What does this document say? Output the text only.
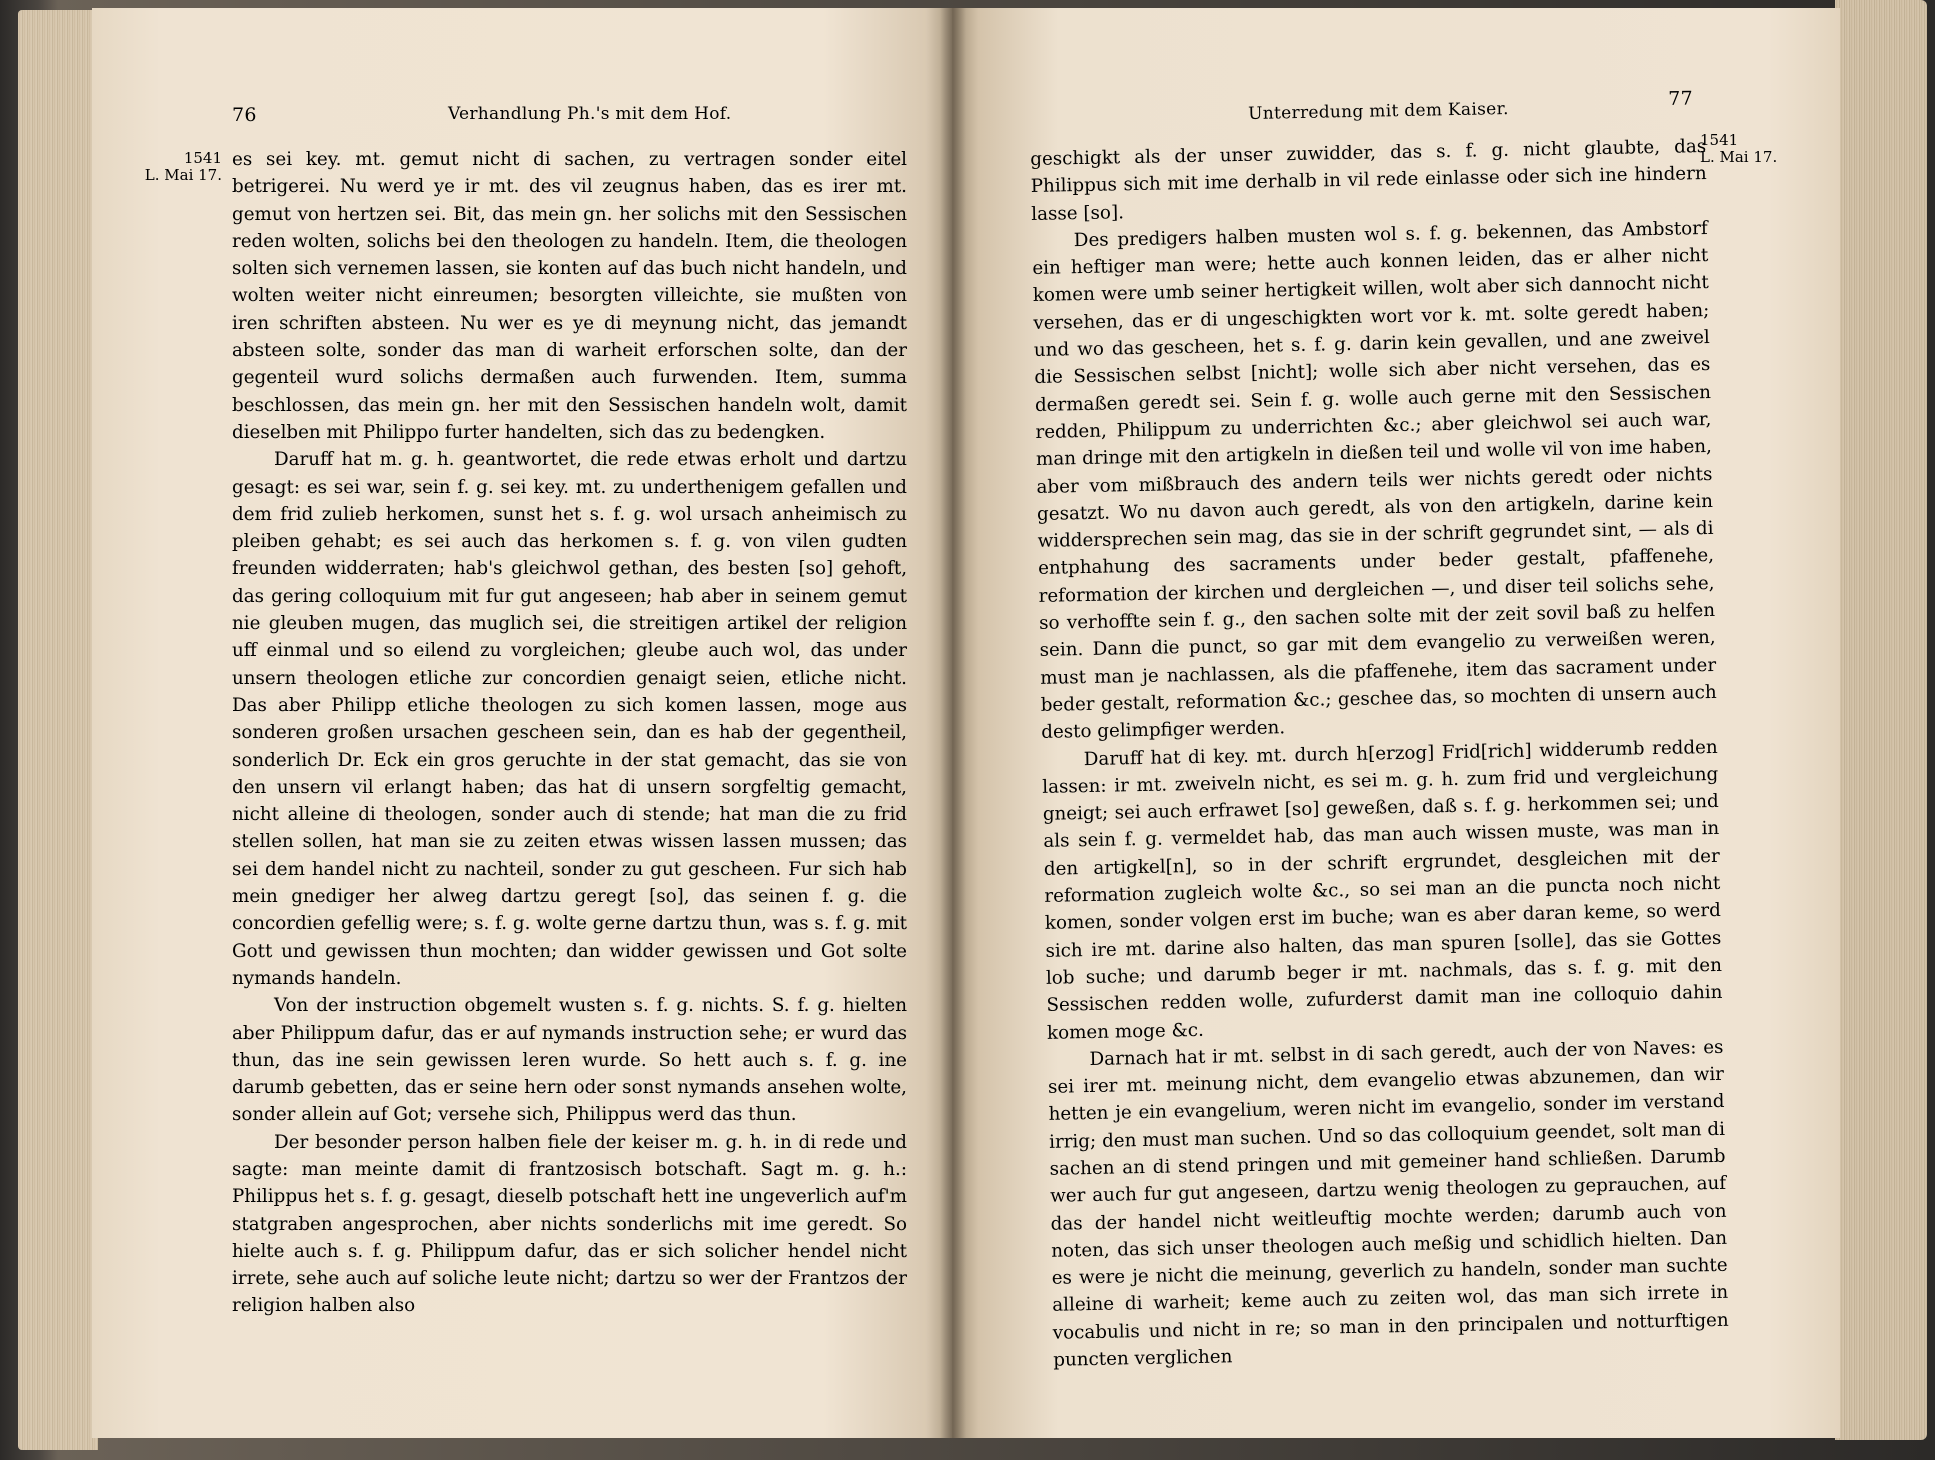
76	Verhandlung Ph.'s mit dem Hof.
1541
L. Mai 17.

es sei key. mt. gemut nicht di sachen, zu vertragen sonder eitel betrigerei. Nu werd ye ir mt. des vil zeugnus haben, das es irer mt. gemut von hertzen sei. Bit, das mein gn. her solichs mit den Sessischen reden wolten, solichs bei den theologen zu handeln. Item, die theologen solten sich vernemen lassen, sie konten auf das buch nicht handeln, und wolten weiter nicht einreumen; besorgten villeichte, sie mußten von iren schriften absteen. Nu wer es ye di meynung nicht, das jemandt absteen solte, sonder das man di warheit erforschen solte, dan der gegenteil wurd solichs dermaßen auch furwenden. Item, summa beschlossen, das mein gn. her mit den Sessischen handeln wolt, damit dieselben mit Philippo furter handelten, sich das zu bedengken.

Daruff hat m. g. h. geantwortet, die rede etwas erholt und dartzu gesagt: es sei war, sein f. g. sei key. mt. zu underthenigem gefallen und dem frid zulieb herkomen, sunst het s. f. g. wol ursach anheimisch zu pleiben gehabt; es sei auch das herkomen s. f. g. von vilen gudten freunden widderraten; hab's gleichwol gethan, des besten [so] gehoft, das gering colloquium mit fur gut angeseen; hab aber in seinem gemut nie gleuben mugen, das muglich sei, die streitigen artikel der religion uff einmal und so eilend zu vorgleichen; gleube auch wol, das under unsern theologen etliche zur concordien genaigt seien, etliche nicht. Das aber Philipp etliche theologen zu sich komen lassen, moge aus sonderen großen ursachen gescheen sein, dan es hab der gegentheil, sonderlich Dr. Eck ein gros geruchte in der stat gemacht, das sie von den unsern vil erlangt haben; das hat di unsern sorgfeltig gemacht, nicht alleine di theologen, sonder auch di stende; hat man die zu frid stellen sollen, hat man sie zu zeiten etwas wissen lassen mussen; das sei dem handel nicht zu nachteil, sonder zu gut gescheen. Fur sich hab mein gnediger her alweg dartzu geregt [so], das seinen f. g. die concordien gefellig were; s. f. g. wolte gerne dartzu thun, was s. f. g. mit Gott und gewissen thun mochten; dan widder gewissen und Got solte nymands handeln.

Von der instruction obgemelt wusten s. f. g. nichts. S. f. g. hielten aber Philippum dafur, das er auf nymands instruction sehe; er wurd das thun, das ine sein gewissen leren wurde. So hett auch s. f. g. ine darumb gebetten, das er seine hern oder sonst nymands ansehen wolte, sonder allein auf Got; versehe sich, Philippus werd das thun.

Der besonder person halben fiele der keiser m. g. h. in di rede und sagte: man meinte damit di frantzosisch botschaft. Sagt m. g. h.: Philippus het s. f. g. gesagt, dieselb potschaft hett ine ungeverlich auf'm statgraben angesprochen, aber nichts sonderlichs mit ime geredt. So hielte auch s. f. g. Philippum dafur, das er sich solicher hendel nicht irrete, sehe auch auf soliche leute nicht; dartzu so wer der Frantzos der religion halben also

Unterredung mit dem Kaiser.
77
1541
L. Mai 17.

geschigkt als der unser zuwidder, das s. f. g. nicht glaubte, das Philippus sich mit ime derhalb in vil rede einlasse oder sich ine hindern lasse [so].

Des predigers halben musten wol s. f. g. bekennen, das Ambstorf ein heftiger man were; hette auch konnen leiden, das er alher nicht komen were umb seiner hertigkeit willen, wolt aber sich dannocht nicht versehen, das er di ungeschigkten wort vor k. mt. solte geredt haben; und wo das gescheen, het s. f. g. darin kein gevallen, und ane zweivel die Sessischen selbst [nicht]; wolle sich aber nicht versehen, das es dermaßen geredt sei. Sein f. g. wolle auch gerne mit den Sessischen redden, Philippum zu underrichten &c.; aber gleichwol sei auch war, man dringe mit den artigkeln in dießen teil und wolle vil von ime haben, aber vom mißbrauch des andern teils wer nichts geredt oder nichts gesatzt. Wo nu davon auch geredt, als von den artigkeln, darine kein widdersprechen sein mag, das sie in der schrift gegrundet sint, — als di entphahung des sacraments under beder gestalt, pfaffenehe, reformation der kirchen und dergleichen —, und diser teil solichs sehe, so verhoffte sein f. g., den sachen solte mit der zeit sovil baß zu helfen sein. Dann die punct, so gar mit dem evangelio zu verweißen weren, must man je nachlassen, als die pfaffenehe, item das sacrament under beder gestalt, reformation &c.; geschee das, so mochten di unsern auch desto gelimpfiger werden.

Daruff hat di key. mt. durch h[erzog] Frid[rich] widderumb redden lassen: ir mt. zweiveln nicht, es sei m. g. h. zum frid und vergleichung gneigt; sei auch erfrawet [so] geweßen, daß s. f. g. herkommen sei; und als sein f. g. vermeldet hab, das man auch wissen muste, was man in den artigkel[n], so in der schrift ergrundet, desgleichen mit der reformation zugleich wolte &c., so sei man an die puncta noch nicht komen, sonder volgen erst im buche; wan es aber daran keme, so werd sich ire mt. darine also halten, das man spuren [solle], das sie Gottes lob suche; und darumb beger ir mt. nachmals, das s. f. g. mit den Sessischen redden wolle, zufurderst damit man ine colloquio dahin komen moge &c.

Darnach hat ir mt. selbst in di sach geredt, auch der von Naves: es sei irer mt. meinung nicht, dem evangelio etwas abzunemen, dan wir hetten je ein evangelium, weren nicht im evangelio, sonder im verstand irrig; den must man suchen. Und so das colloquium geendet, solt man di sachen an di stend pringen und mit gemeiner hand schließen. Darumb wer auch fur gut angeseen, dartzu wenig theologen zu geprauchen, auf das der handel nicht weitleuftig mochte werden; darumb auch von noten, das sich unser theologen auch meßig und schidlich hielten. Dan es were je nicht die meinung, geverlich zu handeln, sonder man suchte alleine di warheit; keme auch zu zeiten wol, das man sich irrete in vocabulis und nicht in re; so man in den principalen und notturftigen puncten verglichen
